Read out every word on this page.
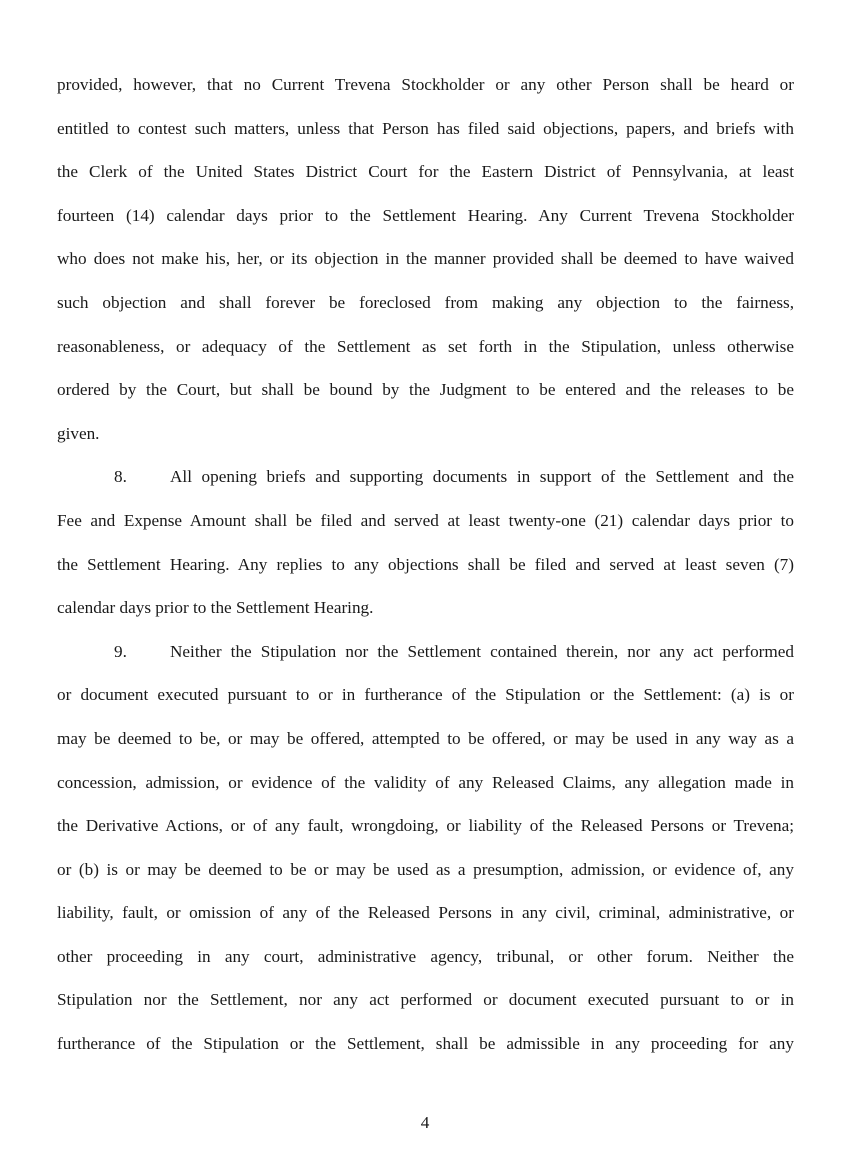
provided, however, that no Current Trevena Stockholder or any other Person shall be heard or
entitled to contest such matters, unless that Person has filed said objections, papers, and briefs with
the Clerk of the United States District Court for the Eastern District of Pennsylvania, at least
fourteen (14) calendar days prior to the Settlement Hearing. Any Current Trevena Stockholder
who does not make his, her, or its objection in the manner provided shall be deemed to have waived
such objection and shall forever be foreclosed from making any objection to the fairness,
reasonableness, or adequacy of the Settlement as set forth in the Stipulation, unless otherwise
ordered by the Court, but shall be bound by the Judgment to be entered and the releases to be
given.
8.	All opening briefs and supporting documents in support of the Settlement and the
Fee and Expense Amount shall be filed and served at least twenty-one (21) calendar days prior to
the Settlement Hearing. Any replies to any objections shall be filed and served at least seven (7)
calendar days prior to the Settlement Hearing.
9.	Neither the Stipulation nor the Settlement contained therein, nor any act performed
or document executed pursuant to or in furtherance of the Stipulation or the Settlement: (a) is or
may be deemed to be, or may be offered, attempted to be offered, or may be used in any way as a
concession, admission, or evidence of the validity of any Released Claims, any allegation made in
the Derivative Actions, or of any fault, wrongdoing, or liability of the Released Persons or Trevena;
or (b) is or may be deemed to be or may be used as a presumption, admission, or evidence of, any
liability, fault, or omission of any of the Released Persons in any civil, criminal, administrative, or
other proceeding in any court, administrative agency, tribunal, or other forum. Neither the
Stipulation nor the Settlement, nor any act performed or document executed pursuant to or in
furtherance of the Stipulation or the Settlement, shall be admissible in any proceeding for any
4
